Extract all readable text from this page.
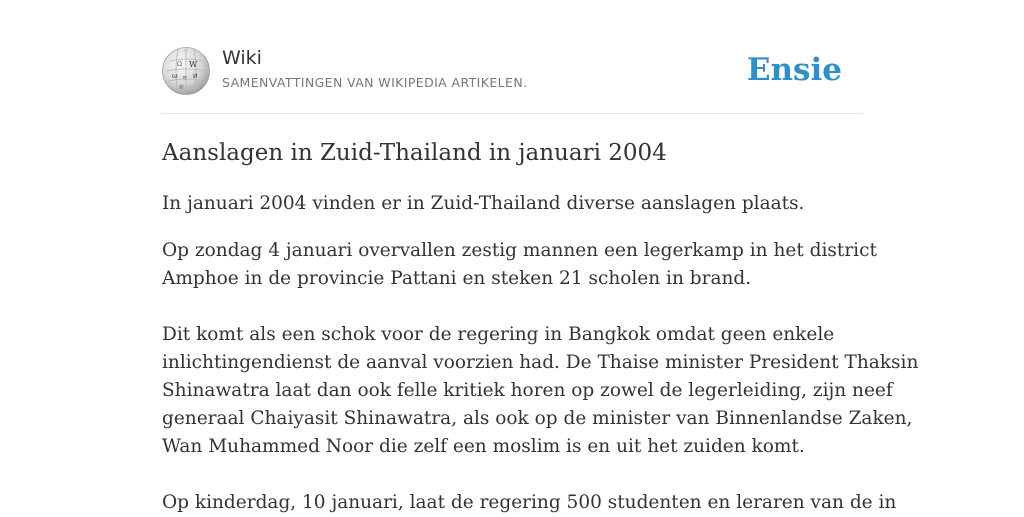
W
Ω
ω ग И
維
Wiki
SAMENVATTINGEN VAN WIKIPEDIA ARTIKELEN.	Ensie
Aanslagen in Zuid-Thailand in januari 2004

In januari 2004 vinden er in Zuid-Thailand diverse aanslagen plaats.

Op zondag 4 januari overvallen zestig mannen een legerkamp in het district
Amphoe in de provincie Pattani en steken 21 scholen in brand.
Dit komt als een schok voor de regering in Bangkok omdat geen enkele
inlichtingendienst de aanval voorzien had. De Thaise minister President Thaksin
Shinawatra laat dan ook felle kritiek horen op zowel de legerleiding, zijn neef
generaal Chaiyasit Shinawatra, als ook op de minister van Binnenlandse Zaken,
Wan Muhammed Noor die zelf een moslim is en uit het zuiden komt.
Op kinderdag, 10 januari, laat de regering 500 studenten en leraren van de in
